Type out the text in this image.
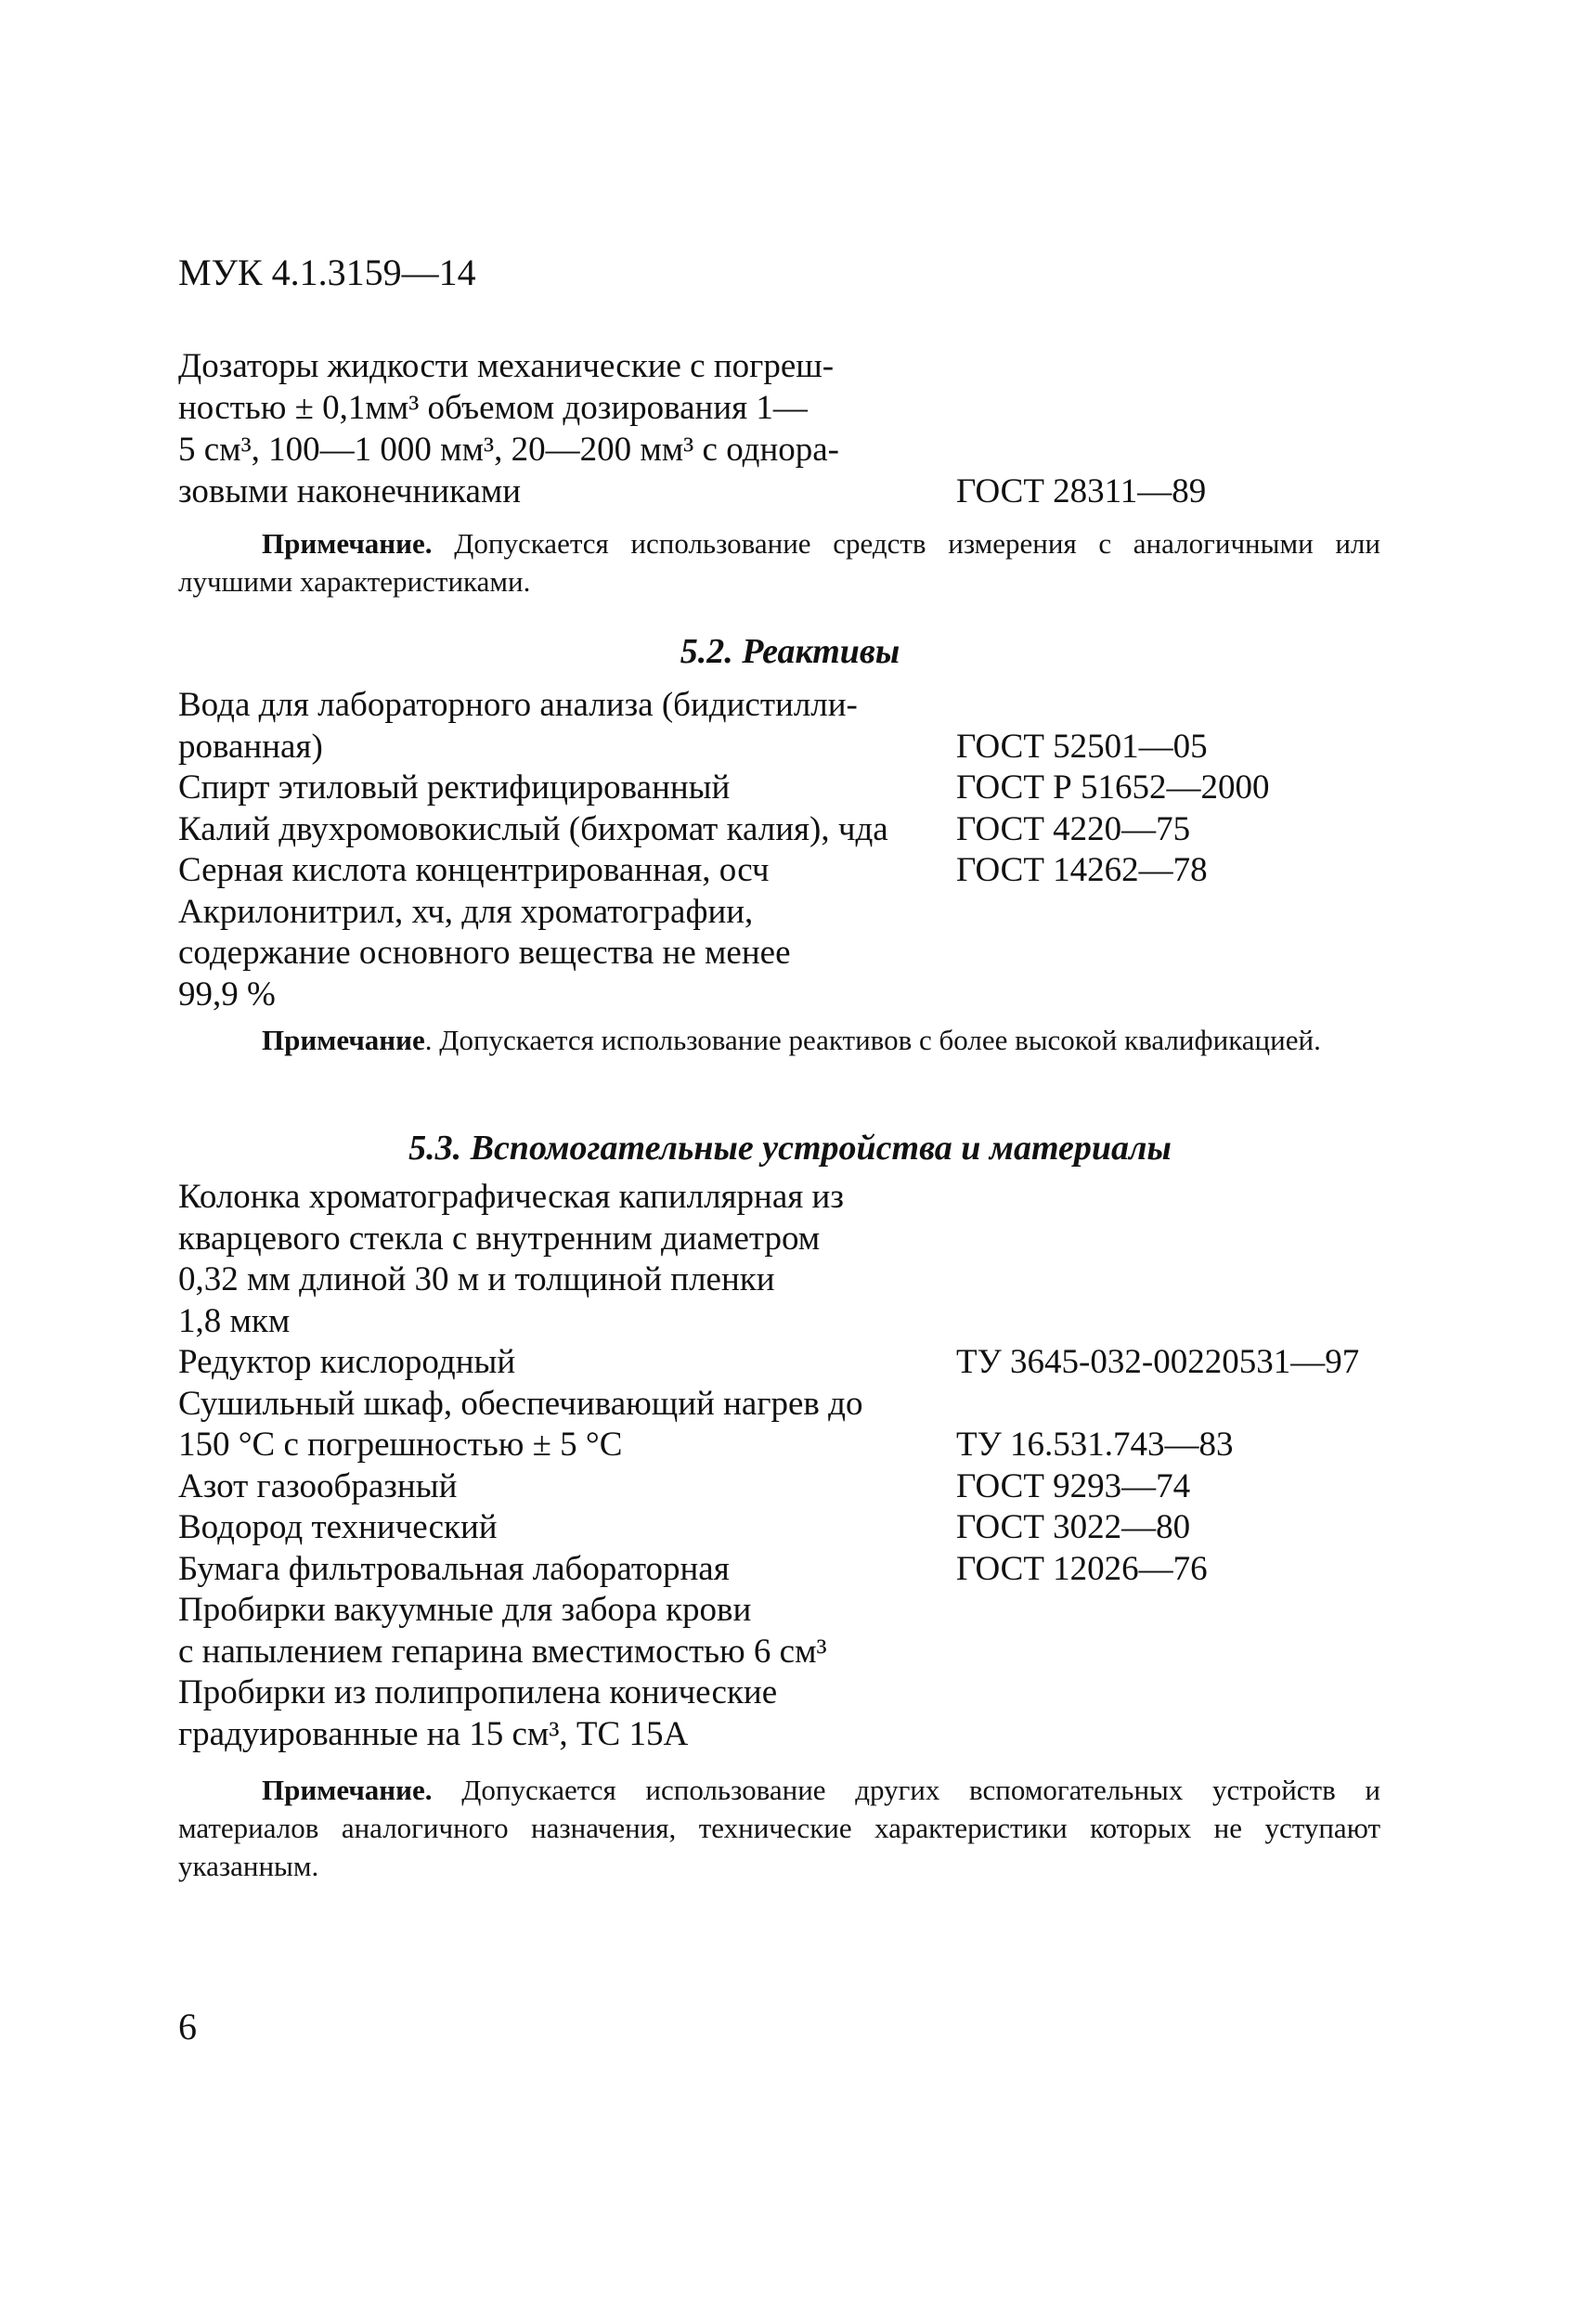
МУК 4.1.3159—14
Дозаторы жидкости механические с погреш-
ностью ± 0,1мм³ объемом дозирования 1—
5 см³, 100—1 000 мм³, 20—200 мм³ с однора-
зовыми наконечниками	ГОСТ 28311—89
Примечание. Допускается использование средств измерения с аналогичными или лучшими характеристиками.
5.2. Реактивы
Вода для лабораторного анализа (бидистилли-
рованная)	ГОСТ 52501—05
Спирт этиловый ректифицированный	ГОСТ Р 51652—2000
Калий двухромовокислый (бихромат калия), чда	ГОСТ 4220—75
Серная кислота концентрированная, осч	ГОСТ 14262—78
Акрилонитрил, хч, для хроматографии,
содержание основного вещества не менее
99,9 %
Примечание. Допускается использование реактивов с более высокой квалификацией.
5.3. Вспомогательные устройства и материалы
Колонка хроматографическая капиллярная из
кварцевого стекла с внутренним диаметром
0,32 мм длиной 30 м и толщиной пленки
1,8 мкм
Редуктор кислородный	ТУ 3645-032-00220531—97
Сушильный шкаф, обеспечивающий нагрев до
150 °С с погрешностью ± 5 °С	ТУ 16.531.743—83
Азот газообразный	ГОСТ 9293—74
Водород технический	ГОСТ 3022—80
Бумага фильтровальная лабораторная	ГОСТ 12026—76
Пробирки вакуумные для забора крови
с напылением гепарина вместимостью 6 см³
Пробирки из полипропилена конические
градуированные на 15 см³, ТС 15А
Примечание. Допускается использование других вспомогательных устройств и материалов аналогичного назначения, технические характеристики которых не уступают указанным.
6
